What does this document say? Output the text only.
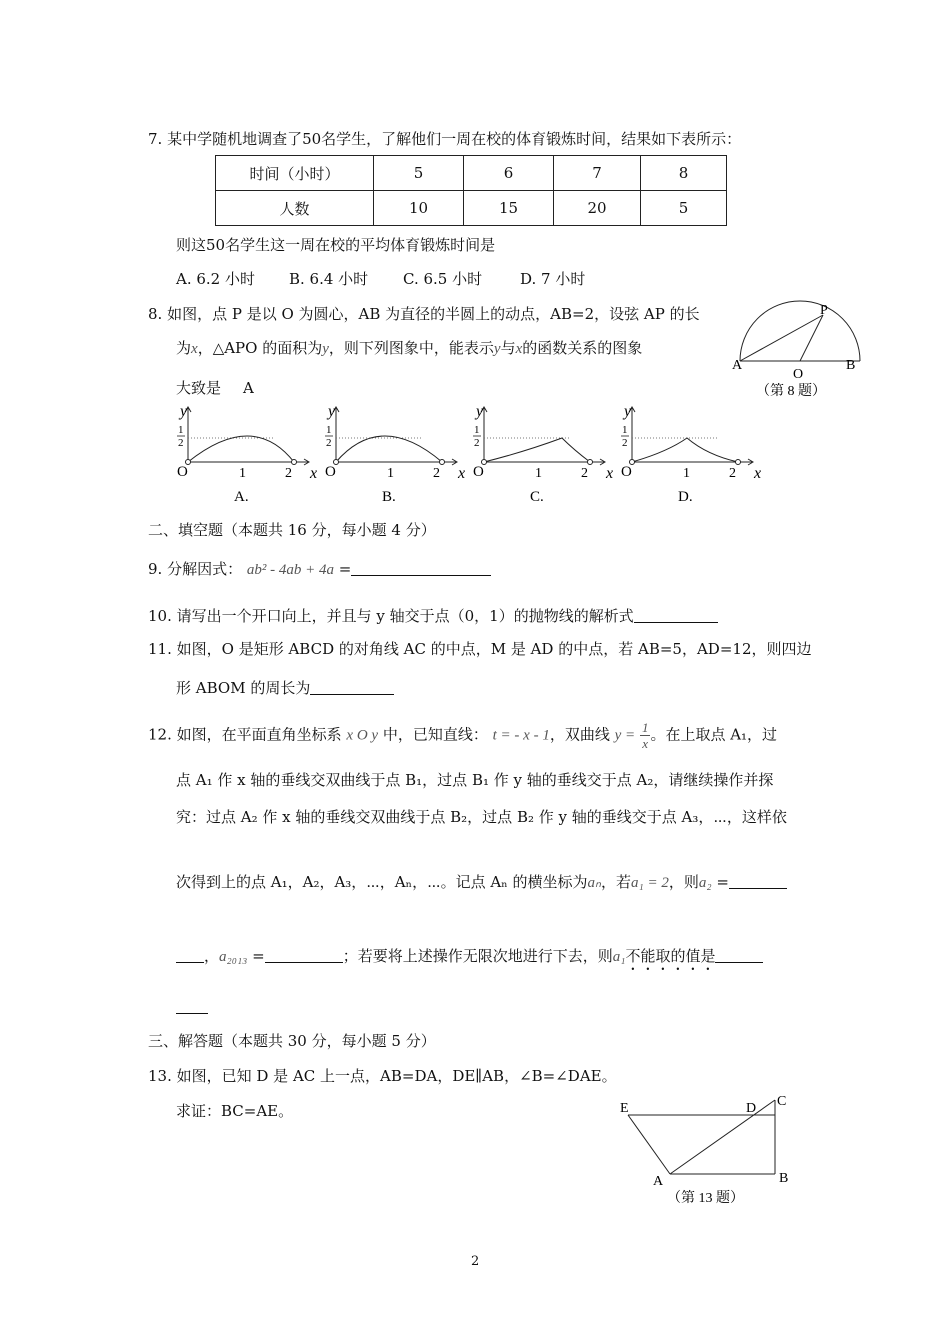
7. 某中学随机地调查了50名学生，了解他们一周在校的体育锻炼时间，结果如下表所示：
时间（小时）	5	6	7	8
人数	10	15	20	5
则这50名学生这一周在校的平均体育锻炼时间是
A. 6.2 小时 B. 6.4 小时 C. 6.5 小时	D. 7 小时
8. 如图，点 P 是以 O 为圆心，AB 为直径的半圆上的动点，AB=2，设弦 AP 的长
为x，△APO 的面积为y，则下列图象中，能表示y与x的函数关系的图象
大致是 A
P
A
O
B
（第 8 题）
y
x
O	1	2
1
2
A.
y
x
O	1	2
1
2
B.
y
x
O	1	2
1
2
C.
y
x
O	1	2
1
2
D.
二、填空题（本题共 16 分，每小题 4 分）
9. 分解因式： ab² - 4ab + 4a =
10. 请写出一个开口向上，并且与 y 轴交于点（0，1）的抛物线的解析式
11. 如图，O 是矩形 ABCD 的对角线 AC 的中点，M 是 AD 的中点，若 AB=5，AD=12，则四边
形 ABOM 的周长为
12. 如图，在平面直角坐标系 x O y 中，已知直线： t = - x - 1，双曲线 $y = \frac{1}{x}$ 。在上取点 A₁，过
点 A₁ 作 x 轴的垂线交双曲线于点 B₁，过点 B₁ 作 y 轴的垂线交于点 A₂，请继续操作并探
究：过点 A₂ 作 x 轴的垂线交双曲线于点 B₂，过点 B₂ 作 y 轴的垂线交于点 A₃，⋯，这样依
次得到上的点 A₁，A₂，A₃，⋯，Aₙ，⋯。记点 Aₙ 的横坐标为aₙ，若a₁ = 2，则a₂ =
，a₂₀₁₃ =	；若要将上述操作无限次地进行下去，则a₁不能取的值是
三、解答题（本题共 30 分，每小题 5 分）
13. 如图，已知 D 是 AC 上一点，AB=DA，DE∥AB，∠B=∠DAE。
求证：BC=AE。	E	D C
A	B
（第 13 题）
2
